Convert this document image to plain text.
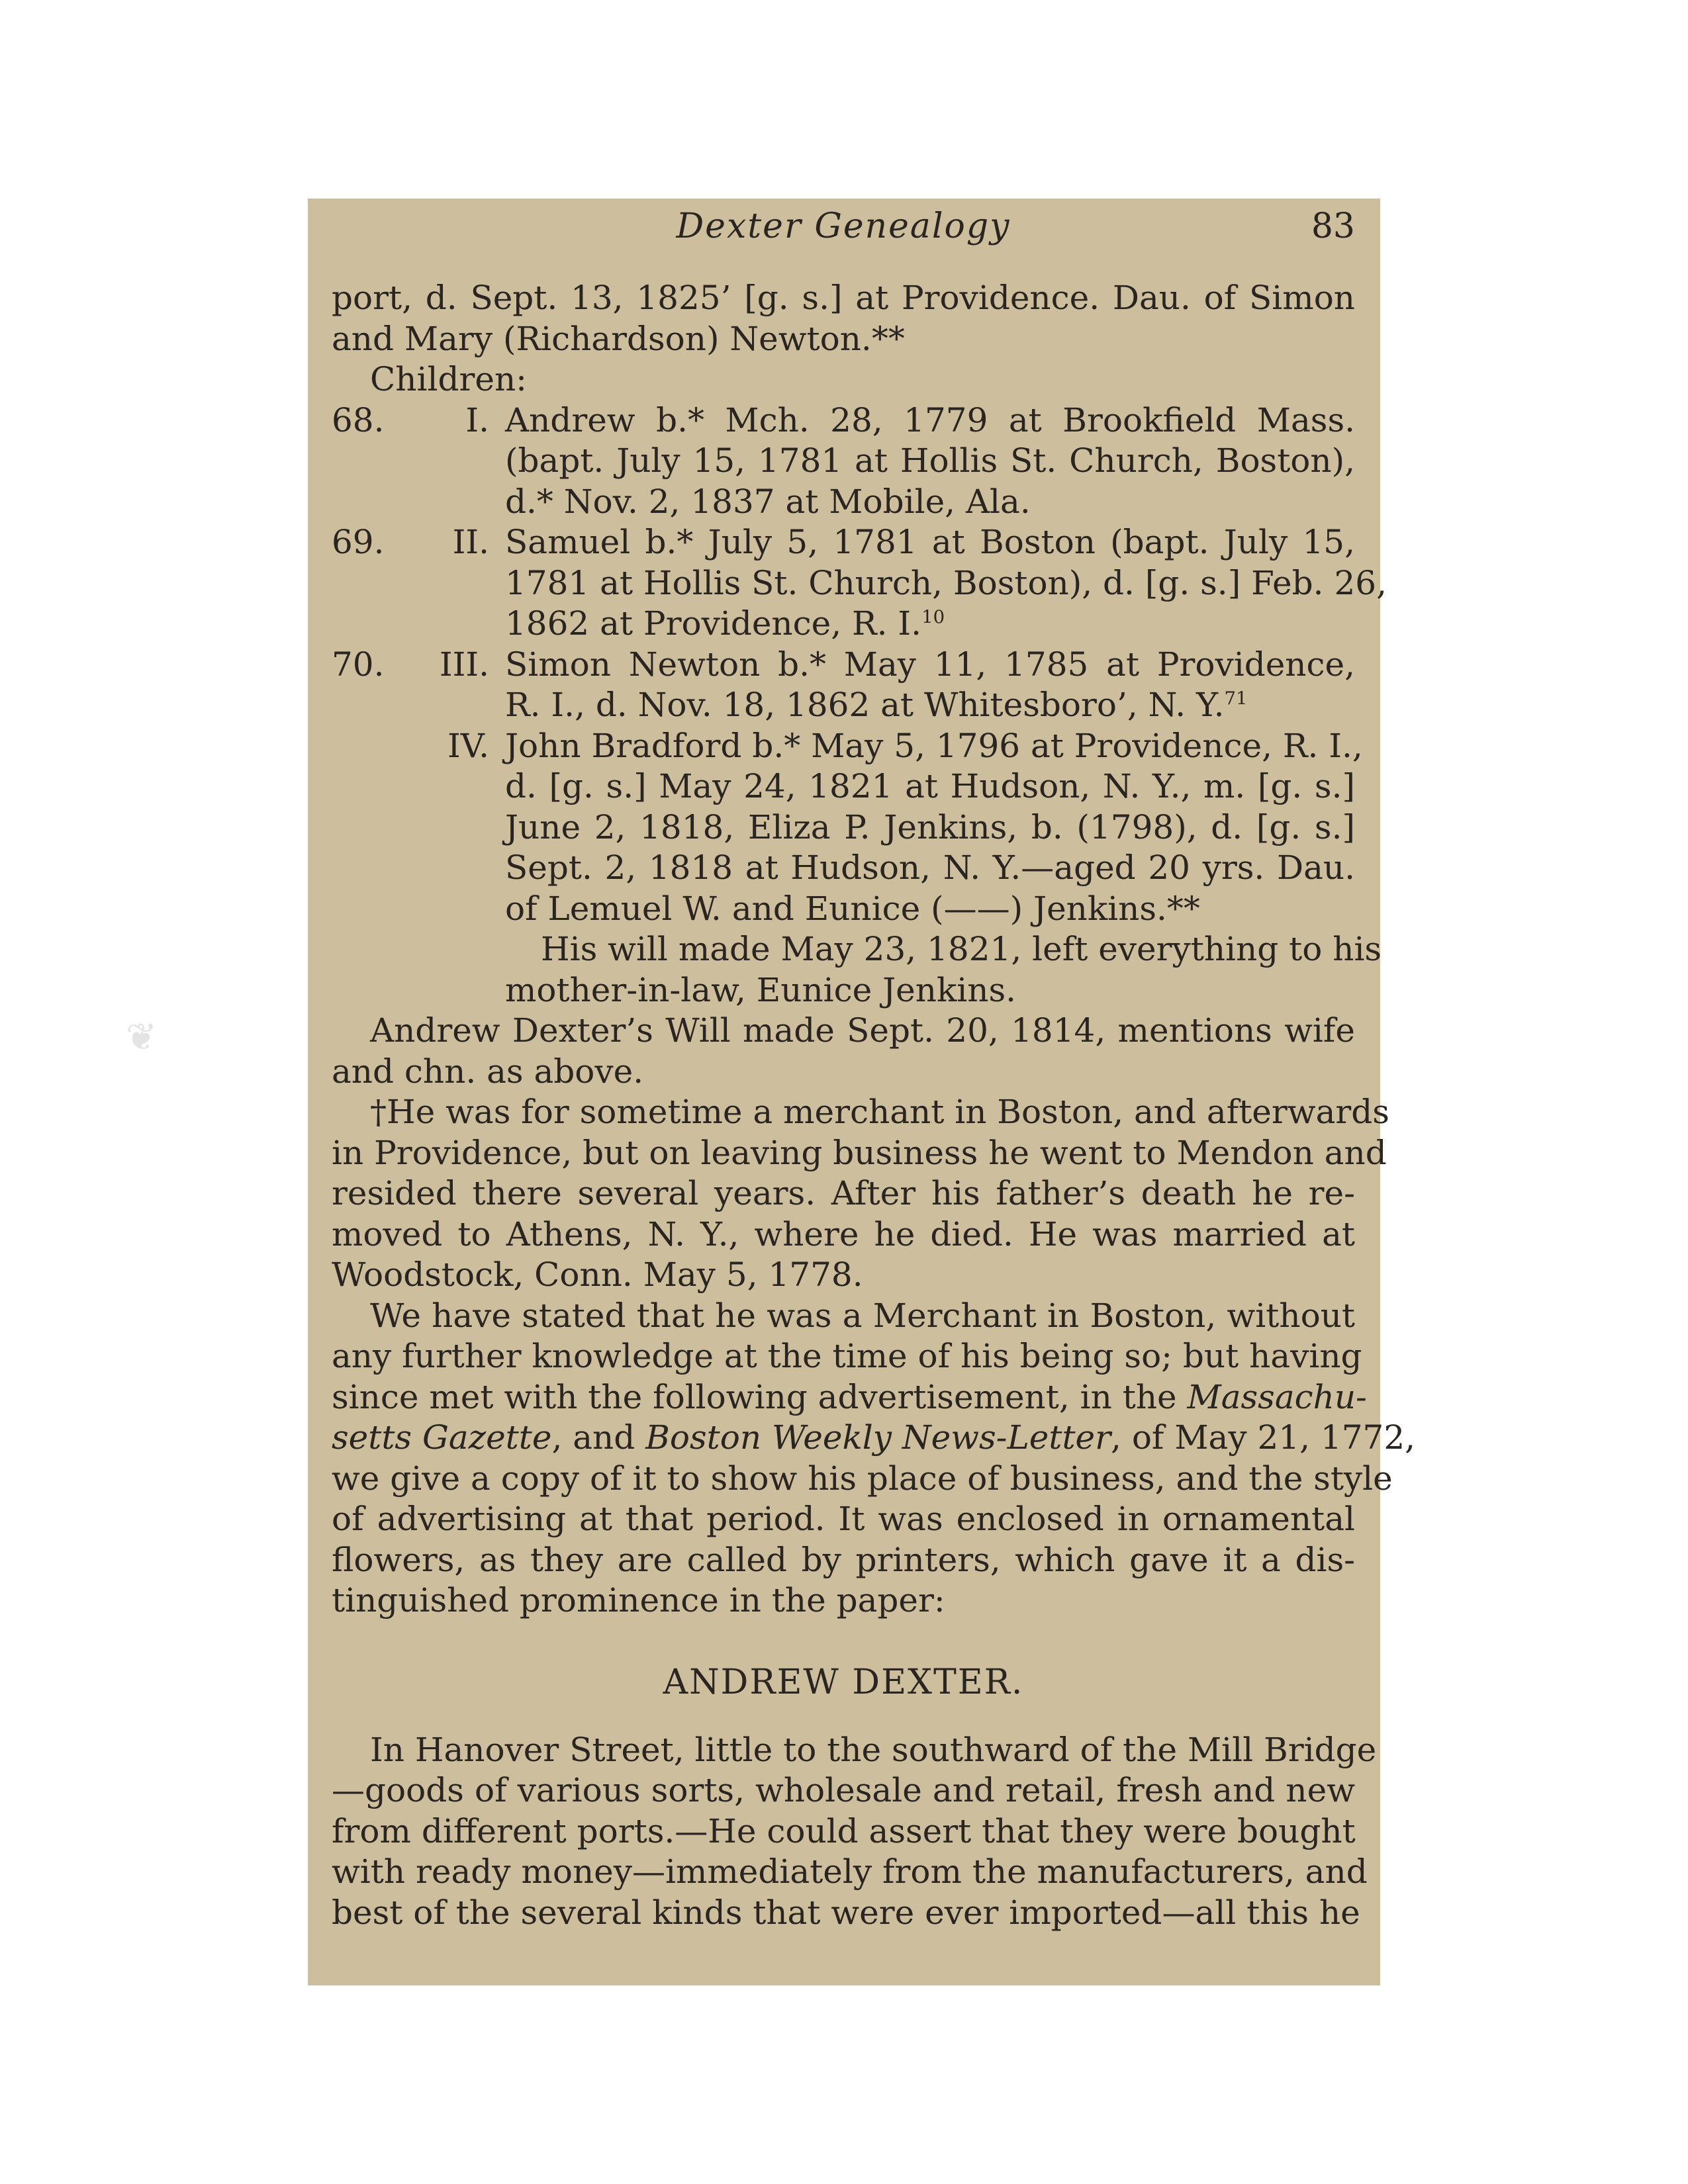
❦
Dexter Genealogy	83
port, d. Sept. 13, 1825’ [g. s.] at Providence. Dau. of Simon
and Mary (Richardson) Newton.**
Children:
68.	I. Andrew b.* Mch. 28, 1779 at Brookfield Mass.
(bapt. July 15, 1781 at Hollis St. Church, Boston),
d.* Nov. 2, 1837 at Mobile, Ala.
69.	II. Samuel b.* July 5, 1781 at Boston (bapt. July 15,
1781 at Hollis St. Church, Boston), d. [g. s.] Feb. 26,
1862 at Providence, R. I.$^{10}$
70.	III. Simon Newton b.* May 11, 1785 at Providence,
R. I., d. Nov. 18, 1862 at Whitesboro’, N. Y.$^{71}$
IV. John Bradford b.* May 5, 1796 at Providence, R. I.,
d. [g. s.] May 24, 1821 at Hudson, N. Y., m. [g. s.]
June 2, 1818, Eliza P. Jenkins, b. (1798), d. [g. s.]
Sept. 2, 1818 at Hudson, N. Y.—aged 20 yrs. Dau.
of Lemuel W. and Eunice (——) Jenkins.**
His will made May 23, 1821, left everything to his
mother-in-law, Eunice Jenkins.
Andrew Dexter’s Will made Sept. 20, 1814, mentions wife
and chn. as above.
†He was for sometime a merchant in Boston, and afterwards
in Providence, but on leaving business he went to Mendon and
resided there several years. After his father’s death he re-
moved to Athens, N. Y., where he died. He was married at
Woodstock, Conn. May 5, 1778.
We have stated that he was a Merchant in Boston, without
any further knowledge at the time of his being so; but having
since met with the following advertisement, in the Massachu-
setts Gazette, and Boston Weekly News-Letter, of May 21, 1772,
we give a copy of it to show his place of business, and the style
of advertising at that period. It was enclosed in ornamental
flowers, as they are called by printers, which gave it a dis-
tinguished prominence in the paper:
ANDREW DEXTER.
In Hanover Street, little to the southward of the Mill Bridge
—goods of various sorts, wholesale and retail, fresh and new
from different ports.—He could assert that they were bought
with ready money—immediately from the manufacturers, and
best of the several kinds that were ever imported—all this he
